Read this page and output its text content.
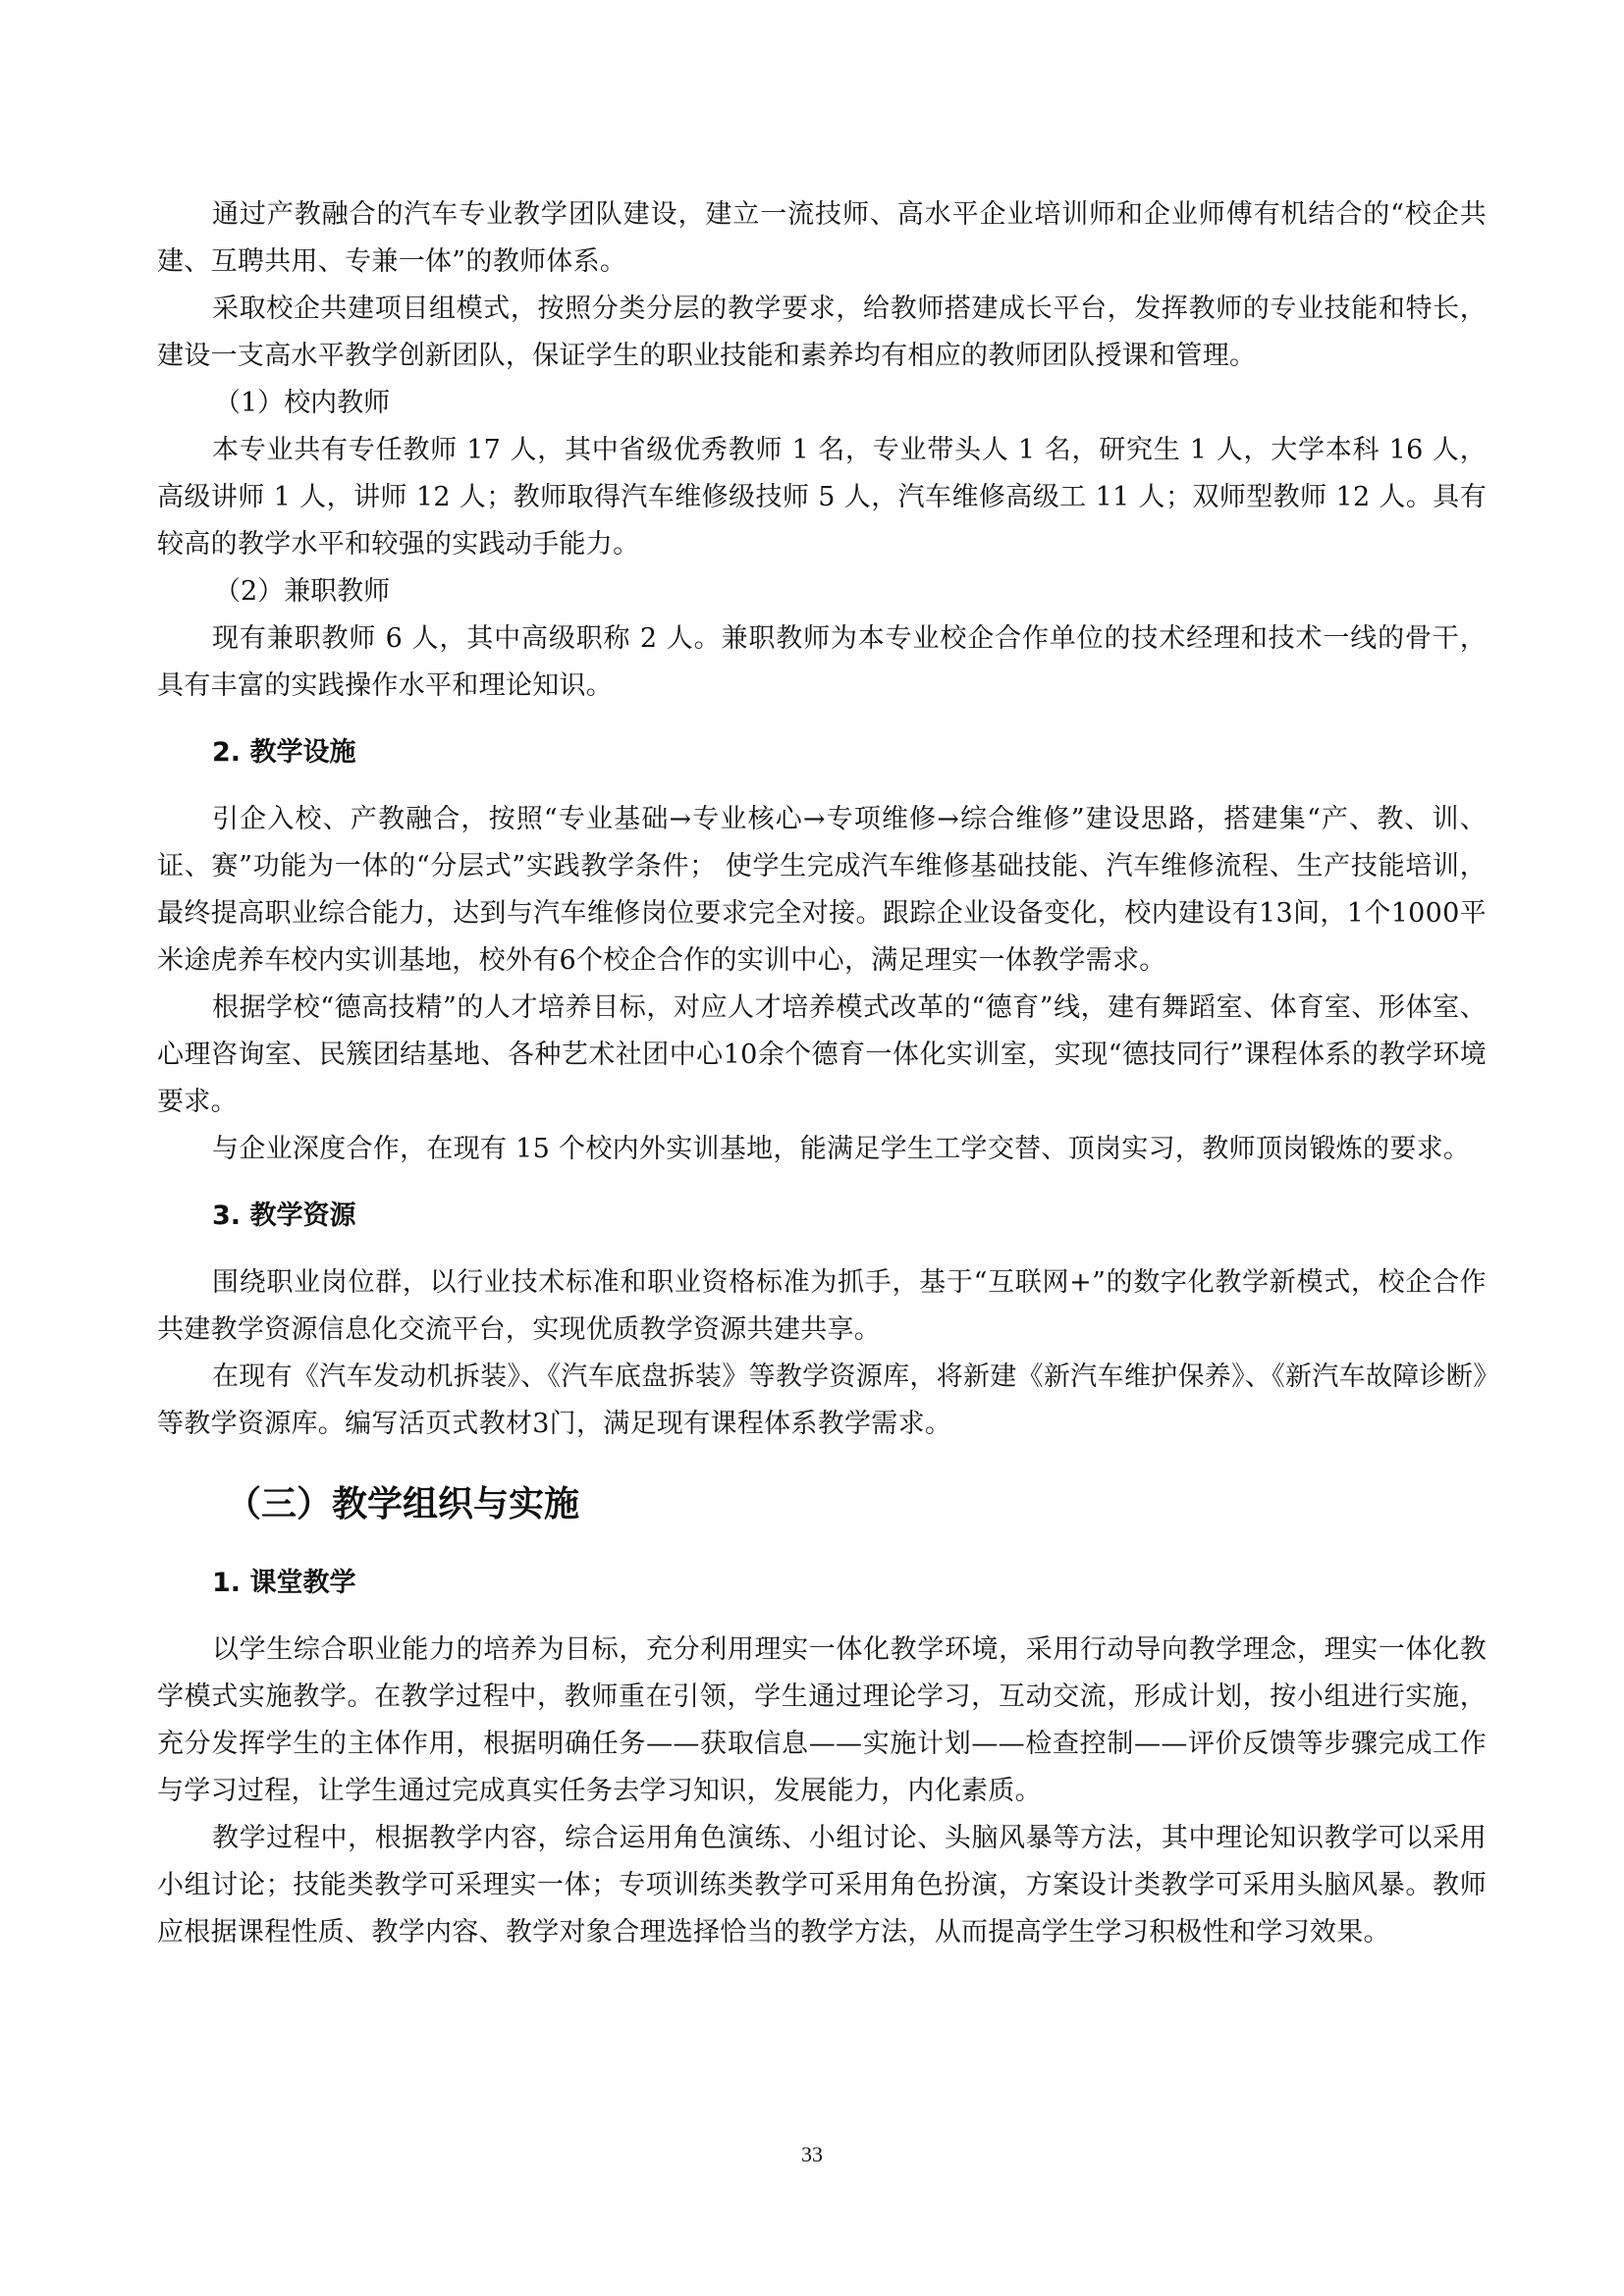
通过产教融合的汽车专业教学团队建设，建立一流技师、高水平企业培训师和企业师傅有机结合的“校企共建、互聘共用、专兼一体”的教师体系。

采取校企共建项目组模式，按照分类分层的教学要求，给教师搭建成长平台，发挥教师的专业技能和特长，建设一支高水平教学创新团队，保证学生的职业技能和素养均有相应的教师团队授课和管理。

（1）校内教师

本专业共有专任教师 17 人，其中省级优秀教师 1 名，专业带头人 1 名，研究生 1 人，大学本科 16 人，高级讲师 1 人，讲师 12 人；教师取得汽车维修级技师 5 人，汽车维修高级工 11 人；双师型教师 12 人。具有较高的教学水平和较强的实践动手能力。

（2）兼职教师

现有兼职教师 6 人，其中高级职称 2 人。兼职教师为本专业校企合作单位的技术经理和技术一线的骨干，具有丰富的实践操作水平和理论知识。

2. 教学设施

引企入校、产教融合，按照“专业基础→专业核心→专项维修→综合维修”建设思路，搭建集“产、教、训、证、赛”功能为一体的“分层式”实践教学条件； 使学生完成汽车维修基础技能、汽车维修流程、生产技能培训，最终提高职业综合能力，达到与汽车维修岗位要求完全对接。跟踪企业设备变化，校内建设有13间，1个1000平米途虎养车校内实训基地，校外有6个校企合作的实训中心，满足理实一体教学需求。

根据学校“德高技精”的人才培养目标，对应人才培养模式改革的“德育”线，建有舞蹈室、体育室、形体室、心理咨询室、民簇团结基地、各种艺术社团中心10余个德育一体化实训室，实现“德技同行”课程体系的教学环境要求。

与企业深度合作，在现有 15 个校内外实训基地，能满足学生工学交替、顶岗实习，教师顶岗锻炼的要求。

3. 教学资源

围绕职业岗位群，以行业技术标准和职业资格标准为抓手，基于“互联网+”的数字化教学新模式，校企合作共建教学资源信息化交流平台，实现优质教学资源共建共享。

在现有《汽车发动机拆装》、《汽车底盘拆装》等教学资源库，将新建《新汽车维护保养》、《新汽车故障诊断》等教学资源库。编写活页式教材3门，满足现有课程体系教学需求。

（三）教学组织与实施
1. 课堂教学

以学生综合职业能力的培养为目标，充分利用理实一体化教学环境，采用行动导向教学理念，理实一体化教学模式实施教学。在教学过程中，教师重在引领，学生通过理论学习，互动交流，形成计划，按小组进行实施，充分发挥学生的主体作用，根据明确任务——获取信息——实施计划——检查控制——评价反馈等步骤完成工作与学习过程，让学生通过完成真实任务去学习知识，发展能力，内化素质。

教学过程中，根据教学内容，综合运用角色演练、小组讨论、头脑风暴等方法，其中理论知识教学可以采用小组讨论；技能类教学可采理实一体；专项训练类教学可采用角色扮演，方案设计类教学可采用头脑风暴。教师应根据课程性质、教学内容、教学对象合理选择恰当的教学方法，从而提高学生学习积极性和学习效果。

33
